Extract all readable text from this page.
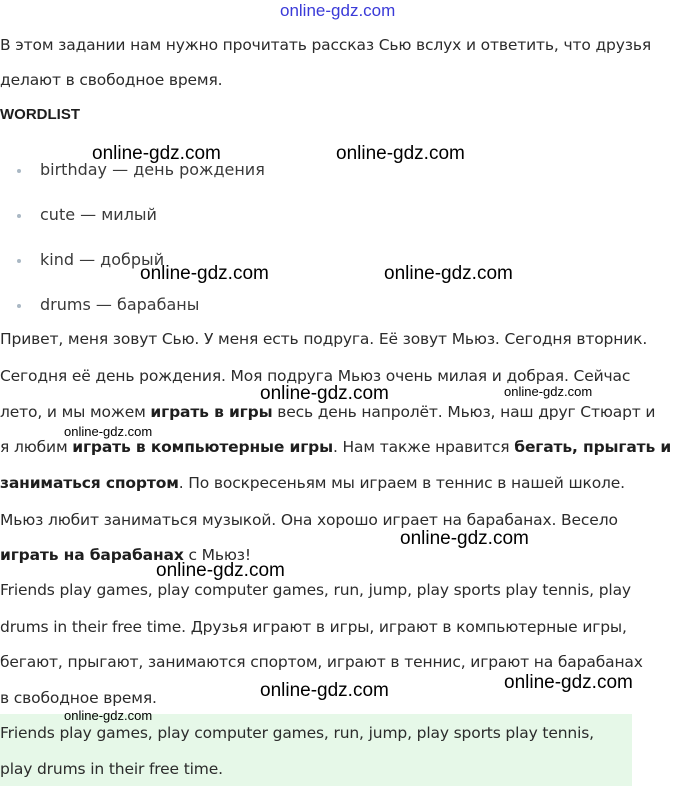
online-gdz.com
В этом задании нам нужно прочитать рассказ Сью вслух и ответить, что друзья
делают в свободное время.
WORDLIST
birthday — день рождения
cute — милый
kind — добрый
drums — барабаны
Привет, меня зовут Сью. У меня есть подруга. Её зовут Мьюз. Сегодня вторник.
Сегодня её день рождения. Моя подруга Мьюз очень милая и добрая. Сейчас
лето, и мы можем играть в игры весь день напролёт. Мьюз, наш друг Стюарт и
я любим играть в компьютерные игры. Нам также нравится бегать, прыгать и
заниматься спортом. По воскресеньям мы играем в теннис в нашей школе.
Мьюз любит заниматься музыкой. Она хорошо играет на барабанах. Весело
играть на барабанах с Мьюз!
Friends play games, play computer games, run, jump, play sports play tennis, play
drums in their free time. Друзья играют в игры, играют в компьютерные игры,
бегают, прыгают, занимаются спортом, играют в теннис, играют на барабанах
в свободное время.
Friends play games, play computer games, run, jump, play sports play tennis,
play drums in their free time.
online-gdz.com	online-gdz.com
online-gdz.com	online-gdz.com
online-gdz.com	online-gdz.com
online-gdz.com
online-gdz.com
online-gdz.com
online-gdz.com	online-gdz.com
online-gdz.com
